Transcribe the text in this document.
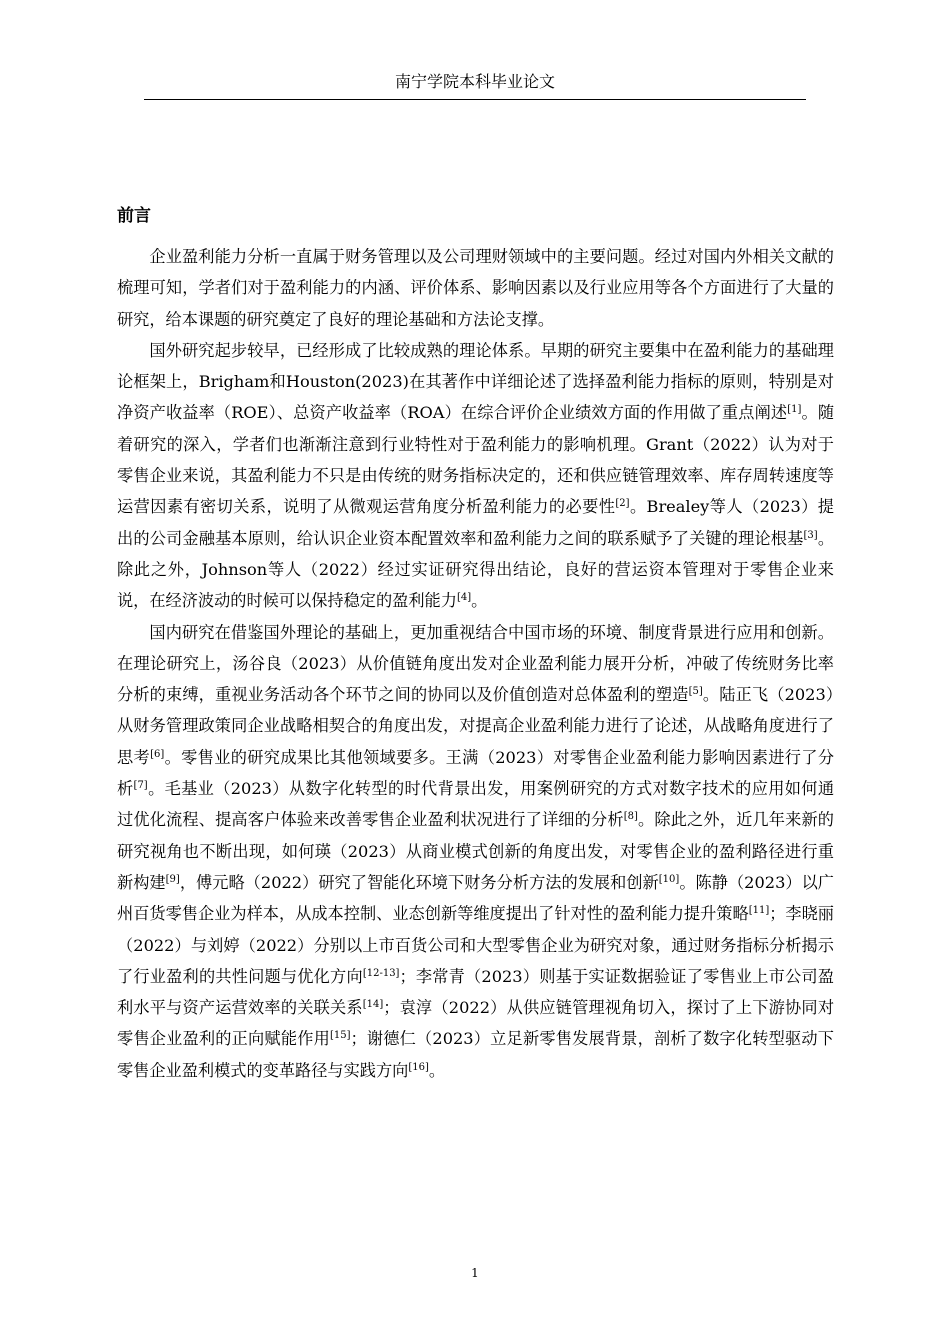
南宁学院本科毕业论文
前言

企业盈利能力分析一直属于财务管理以及公司理财领域中的主要问题。经过对国内外相关文献的梳理可知，学者们对于盈利能力的内涵、评价体系、影响因素以及行业应用等各个方面进行了大量的研究，给本课题的研究奠定了良好的理论基础和方法论支撑。

国外研究起步较早，已经形成了比较成熟的理论体系。早期的研究主要集中在盈利能力的基础理论框架上，Brigham和Houston(2023)在其著作中详细论述了选择盈利能力指标的原则，特别是对净资产收益率（ROE）、总资产收益率（ROA）在综合评价企业绩效方面的作用做了重点阐述[1]。随着研究的深入，学者们也渐渐注意到行业特性对于盈利能力的影响机理。Grant（2022）认为对于零售企业来说，其盈利能力不只是由传统的财务指标决定的，还和供应链管理效率、库存周转速度等运营因素有密切关系，说明了从微观运营角度分析盈利能力的必要性[2]。Brealey等人（2023）提出的公司金融基本原则，给认识企业资本配置效率和盈利能力之间的联系赋予了关键的理论根基[3]。除此之外，Johnson等人（2022）经过实证研究得出结论，良好的营运资本管理对于零售企业来说，在经济波动的时候可以保持稳定的盈利能力[4]。

国内研究在借鉴国外理论的基础上，更加重视结合中国市场的环境、制度背景进行应用和创新。在理论研究上，汤谷良（2023）从价值链角度出发对企业盈利能力展开分析，冲破了传统财务比率分析的束缚，重视业务活动各个环节之间的协同以及价值创造对总体盈利的塑造[5]。陆正飞（2023）从财务管理政策同企业战略相契合的角度出发，对提高企业盈利能力进行了论述，从战略角度进行了思考[6]。零售业的研究成果比其他领域要多。王满（2023）对零售企业盈利能力影响因素进行了分析[7]。毛基业（2023）从数字化转型的时代背景出发，用案例研究的方式对数字技术的应用如何通过优化流程、提高客户体验来改善零售企业盈利状况进行了详细的分析[8]。除此之外，近几年来新的研究视角也不断出现，如何瑛（2023）从商业模式创新的角度出发，对零售企业的盈利路径进行重新构建[9]，傅元略（2022）研究了智能化环境下财务分析方法的发展和创新[10]。陈静（2023）以广州百货零售企业为样本，从成本控制、业态创新等维度提出了针对性的盈利能力提升策略[11]；李晓丽（2022）与刘婷（2022）分别以上市百货公司和大型零售企业为研究对象，通过财务指标分析揭示了行业盈利的共性问题与优化方向[12-13]；李常青（2023）则基于实证数据验证了零售业上市公司盈利水平与资产运营效率的关联关系[14]；袁淳（2022）从供应链管理视角切入，探讨了上下游协同对零售企业盈利的正向赋能作用[15]；谢德仁（2023）立足新零售发展背景，剖析了数字化转型驱动下零售企业盈利模式的变革路径与实践方向[16]。

1
